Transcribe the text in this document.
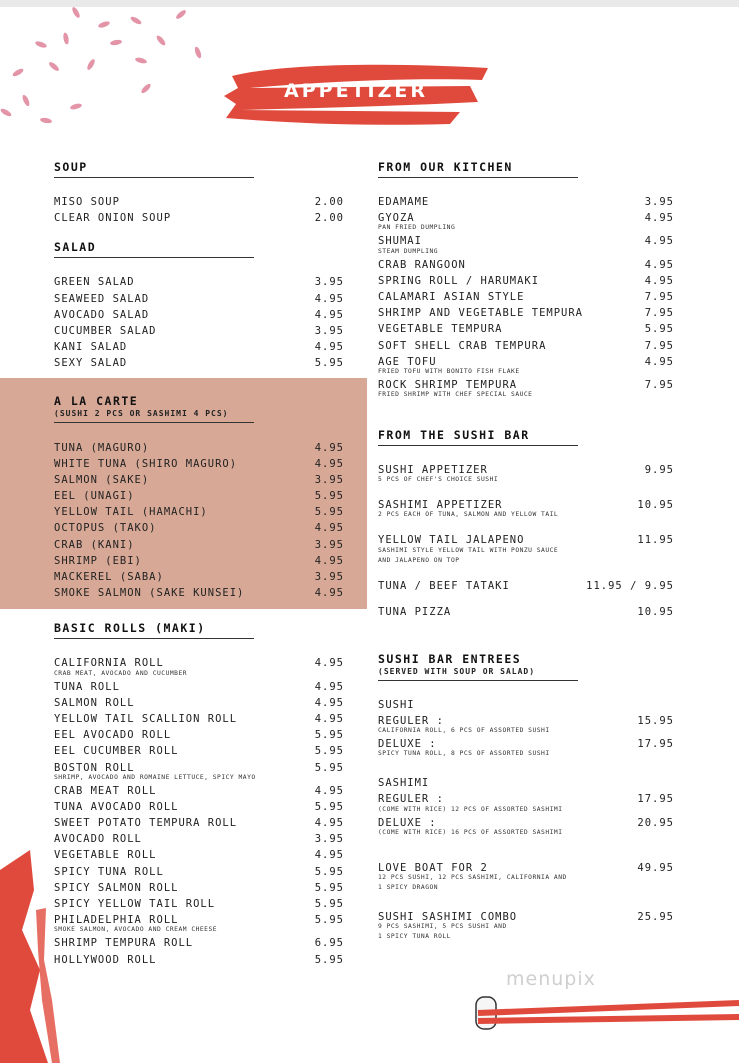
APPETIZER
SOUP
MISO SOUP	2.00
CLEAR ONION SOUP	2.00
SALAD
GREEN SALAD	3.95
SEAWEED SALAD	4.95
AVOCADO SALAD	4.95
CUCUMBER SALAD	3.95
KANI SALAD	4.95
SEXY SALAD	5.95
A LA CARTE
(SUSHI 2 PCS OR SASHIMI 4 PCS)
TUNA (MAGURO)	4.95
WHITE TUNA (SHIRO MAGURO)	4.95
SALMON (SAKE)	3.95
EEL (UNAGI)	5.95
YELLOW TAIL (HAMACHI)	5.95
OCTOPUS (TAKO)	4.95
CRAB (KANI)	3.95
SHRIMP (EBI)	4.95
MACKEREL (SABA)	3.95
SMOKE SALMON (SAKE KUNSEI)	4.95
BASIC ROLLS (MAKI)
CALIFORNIA ROLL	4.95
CRAB MEAT, AVOCADO AND CUCUMBER
TUNA ROLL	4.95
SALMON ROLL	4.95
YELLOW TAIL SCALLION ROLL	4.95
EEL AVOCADO ROLL	5.95
EEL CUCUMBER ROLL	5.95
BOSTON ROLL	5.95
SHRIMP, AVOCADO AND ROMAINE LETTUCE, SPICY MAYO
CRAB MEAT ROLL	4.95
TUNA AVOCADO ROLL	5.95
SWEET POTATO TEMPURA ROLL	4.95
AVOCADO ROLL	3.95
VEGETABLE ROLL	4.95
SPICY TUNA ROLL	5.95
SPICY SALMON ROLL	5.95
SPICY YELLOW TAIL ROLL	5.95
PHILADELPHIA ROLL	5.95
SMOKE SALMON, AVOCADO AND CREAM CHEESE
SHRIMP TEMPURA ROLL	6.95
HOLLYWOOD ROLL	5.95
FROM OUR KITCHEN
EDAMAME	3.95
GYOZA	4.95
PAN FRIED DUMPLING
SHUMAI	4.95
STEAM DUMPLING
CRAB RANGOON	4.95
SPRING ROLL / HARUMAKI	4.95
CALAMARI ASIAN STYLE	7.95
SHRIMP AND VEGETABLE TEMPURA	7.95
VEGETABLE TEMPURA	5.95
SOFT SHELL CRAB TEMPURA	7.95
AGE TOFU	4.95
FRIED TOFU WITH BONITO FISH FLAKE
ROCK SHRIMP TEMPURA	7.95
FRIED SHRIMP WITH CHEF SPECIAL SAUCE
FROM THE SUSHI BAR
SUSHI APPETIZER	9.95
5 PCS OF CHEF'S CHOICE SUSHI
SASHIMI APPETIZER	10.95
2 PCS EACH OF TUNA, SALMON AND YELLOW TAIL
YELLOW TAIL JALAPENO	11.95
SASHIMI STYLE YELLOW TAIL WITH PONZU SAUCE
AND JALAPENO ON TOP
TUNA / BEEF TATAKI	11.95 / 9.95
TUNA PIZZA	10.95
SUSHI BAR ENTREES
(SERVED WITH SOUP OR SALAD)
SUSHI
REGULER :	15.95
CALIFORNIA ROLL, 6 PCS OF ASSORTED SUSHI
DELUXE :	17.95
SPICY TUNA ROLL, 8 PCS OF ASSORTED SUSHI
SASHIMI
REGULER :	17.95
(COME WITH RICE) 12 PCS OF ASSORTED SASHIMI
DELUXE :	20.95
(COME WITH RICE) 16 PCS OF ASSORTED SASHIMI
LOVE BOAT FOR 2	49.95
12 PCS SUSHI, 12 PCS SASHIMI, CALIFORNIA AND
1 SPICY DRAGON
SUSHI SASHIMI COMBO	25.95
9 PCS SASHIMI, 5 PCS SUSHI AND
1 SPICY TUNA ROLL
menupix
